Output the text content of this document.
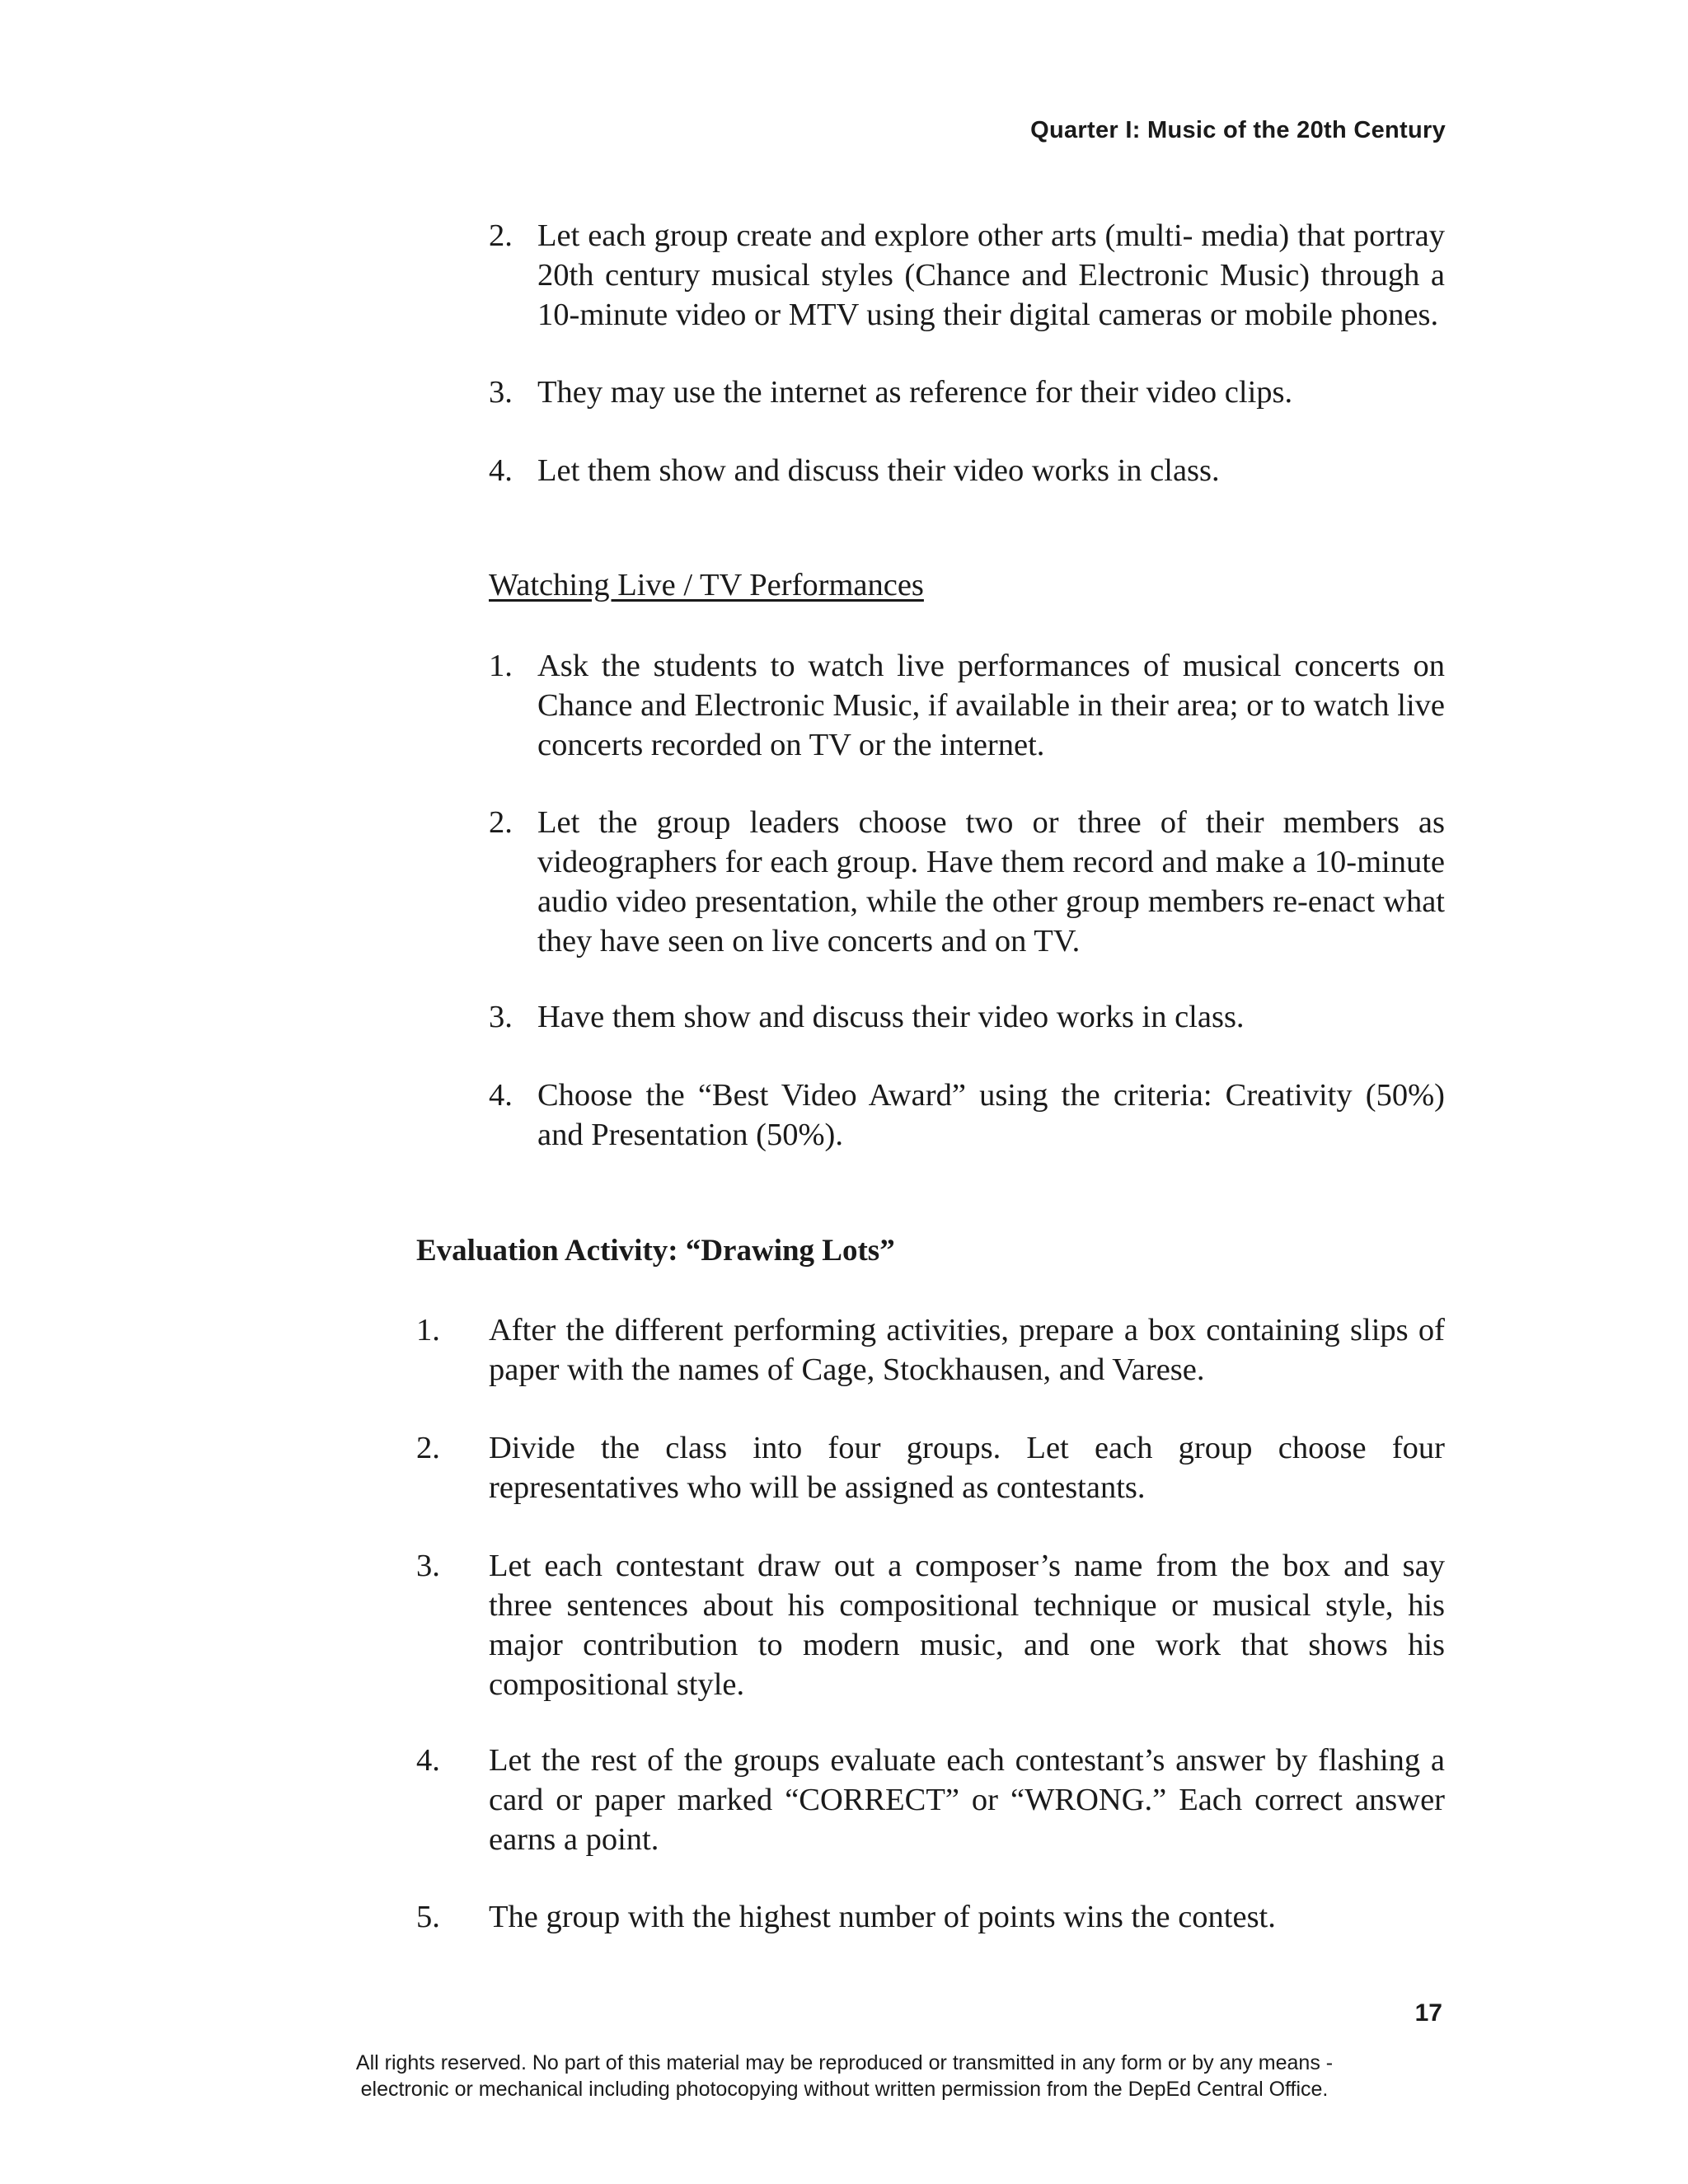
Quarter I: Music of the 20th Century
2. Let each group create and explore other arts (multi- media) that portray 20th century musical styles (Chance and Electronic Music) through a 10-minute video or MTV using their digital cameras or mobile phones.
3. They may use the internet as reference for their video clips.
4. Let them show and discuss their video works in class.
Watching Live / TV Performances
1. Ask the students to watch live performances of musical concerts on Chance and Electronic Music, if available in their area; or to watch live concerts recorded on TV or the internet.
2. Let the group leaders choose two or three of their members as videographers for each group. Have them record and make a 10-minute audio video presentation, while the other group members re-enact what they have seen on live concerts and on TV.
3. Have them show and discuss their video works in class.
4. Choose the “Best Video Award” using the criteria: Creativity (50%) and Presentation (50%).
Evaluation Activity: “Drawing Lots”
1. After the different performing activities, prepare a box containing slips of paper with the names of Cage, Stockhausen, and Varese.
2. Divide the class into four groups. Let each group choose four representatives who will be assigned as contestants.
3. Let each contestant draw out a composer’s name from the box and say three sentences about his compositional technique or musical style, his major contribution to modern music, and one work that shows his compositional style.
4. Let the rest of the groups evaluate each contestant’s answer by flashing a card or paper marked “CORRECT” or “WRONG.” Each correct answer earns a point.
5. The group with the highest number of points wins the contest.
17
All rights reserved. No part of this material may be reproduced or transmitted in any form or by any means -
electronic or mechanical including photocopying without written permission from the DepEd Central Office.
